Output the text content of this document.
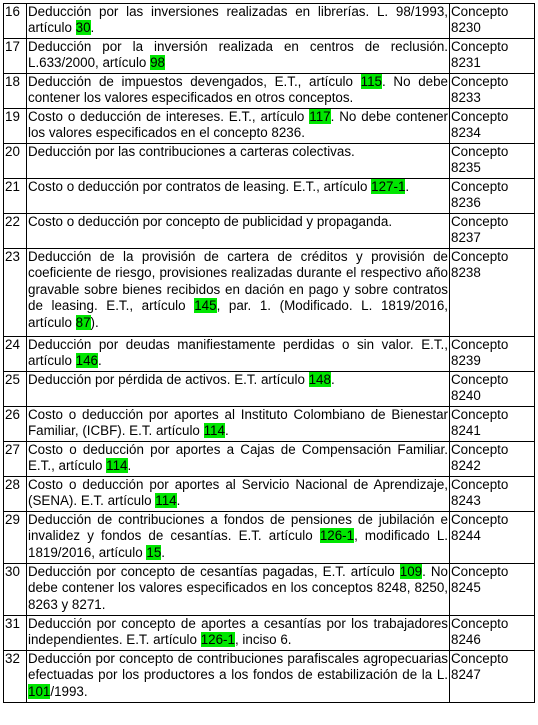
16	Deducción por las inversiones realizadas en librerías. L. 98/1993, artículo 30.	Concepto
8230
17	Deducción por la inversión realizada en centros de reclusión. L.633/2000, artículo 98	Concepto
8231
18	Deducción de impuestos devengados, E.T., artículo 115. No debe contener los valores especificados en otros conceptos.	Concepto
8233
19	Costo o deducción de intereses. E.T., artículo 117. No debe contener los valores especificados en el concepto 8236.	Concepto
8234
20	Deducción por las contribuciones a carteras colectivas.	Concepto
8235
21	Costo o deducción por contratos de leasing. E.T., artículo 127-1.	Concepto
8236
22	Costo o deducción por concepto de publicidad y propaganda.	Concepto
8237
23	Deducción de la provisión de cartera de créditos y provisión de coeficiente de riesgo, provisiones realizadas durante el respectivo año gravable sobre bienes recibidos en dación en pago y sobre contratos de leasing. E.T., artículo 145, par. 1. (Modificado. L. 1819/2016, artículo 87).	Concepto
8238
24	Deducción por deudas manifiestamente perdidas o sin valor. E.T., artículo 146.	Concepto
8239
25	Deducción por pérdida de activos. E.T. artículo 148.	Concepto
8240
26	Costo o deducción por aportes al Instituto Colombiano de Bienestar Familiar, (ICBF). E.T. artículo 114.	Concepto
8241
27	Costo o deducción por aportes a Cajas de Compensación Familiar. E.T., artículo 114.	Concepto
8242
28	Costo o deducción por aportes al Servicio Nacional de Aprendizaje, (SENA). E.T. artículo 114.	Concepto
8243
29	Deducción de contribuciones a fondos de pensiones de jubilación e invalidez y fondos de cesantías. E.T. artículo 126-1, modificado L. 1819/2016, artículo 15.	Concepto
8244
30	Deducción por concepto de cesantías pagadas, E.T. artículo 109. No debe contener los valores especificados en los conceptos 8248, 8250, 8263 y 8271.	Concepto
8245
31	Deducción por concepto de aportes a cesantías por los trabajadores independientes. E.T. artículo 126-1, inciso 6.	Concepto
8246
32	Deducción por concepto de contribuciones parafiscales agropecuarias efectuadas por los productores a los fondos de estabilización de la L. 101/1993.	Concepto
8247
